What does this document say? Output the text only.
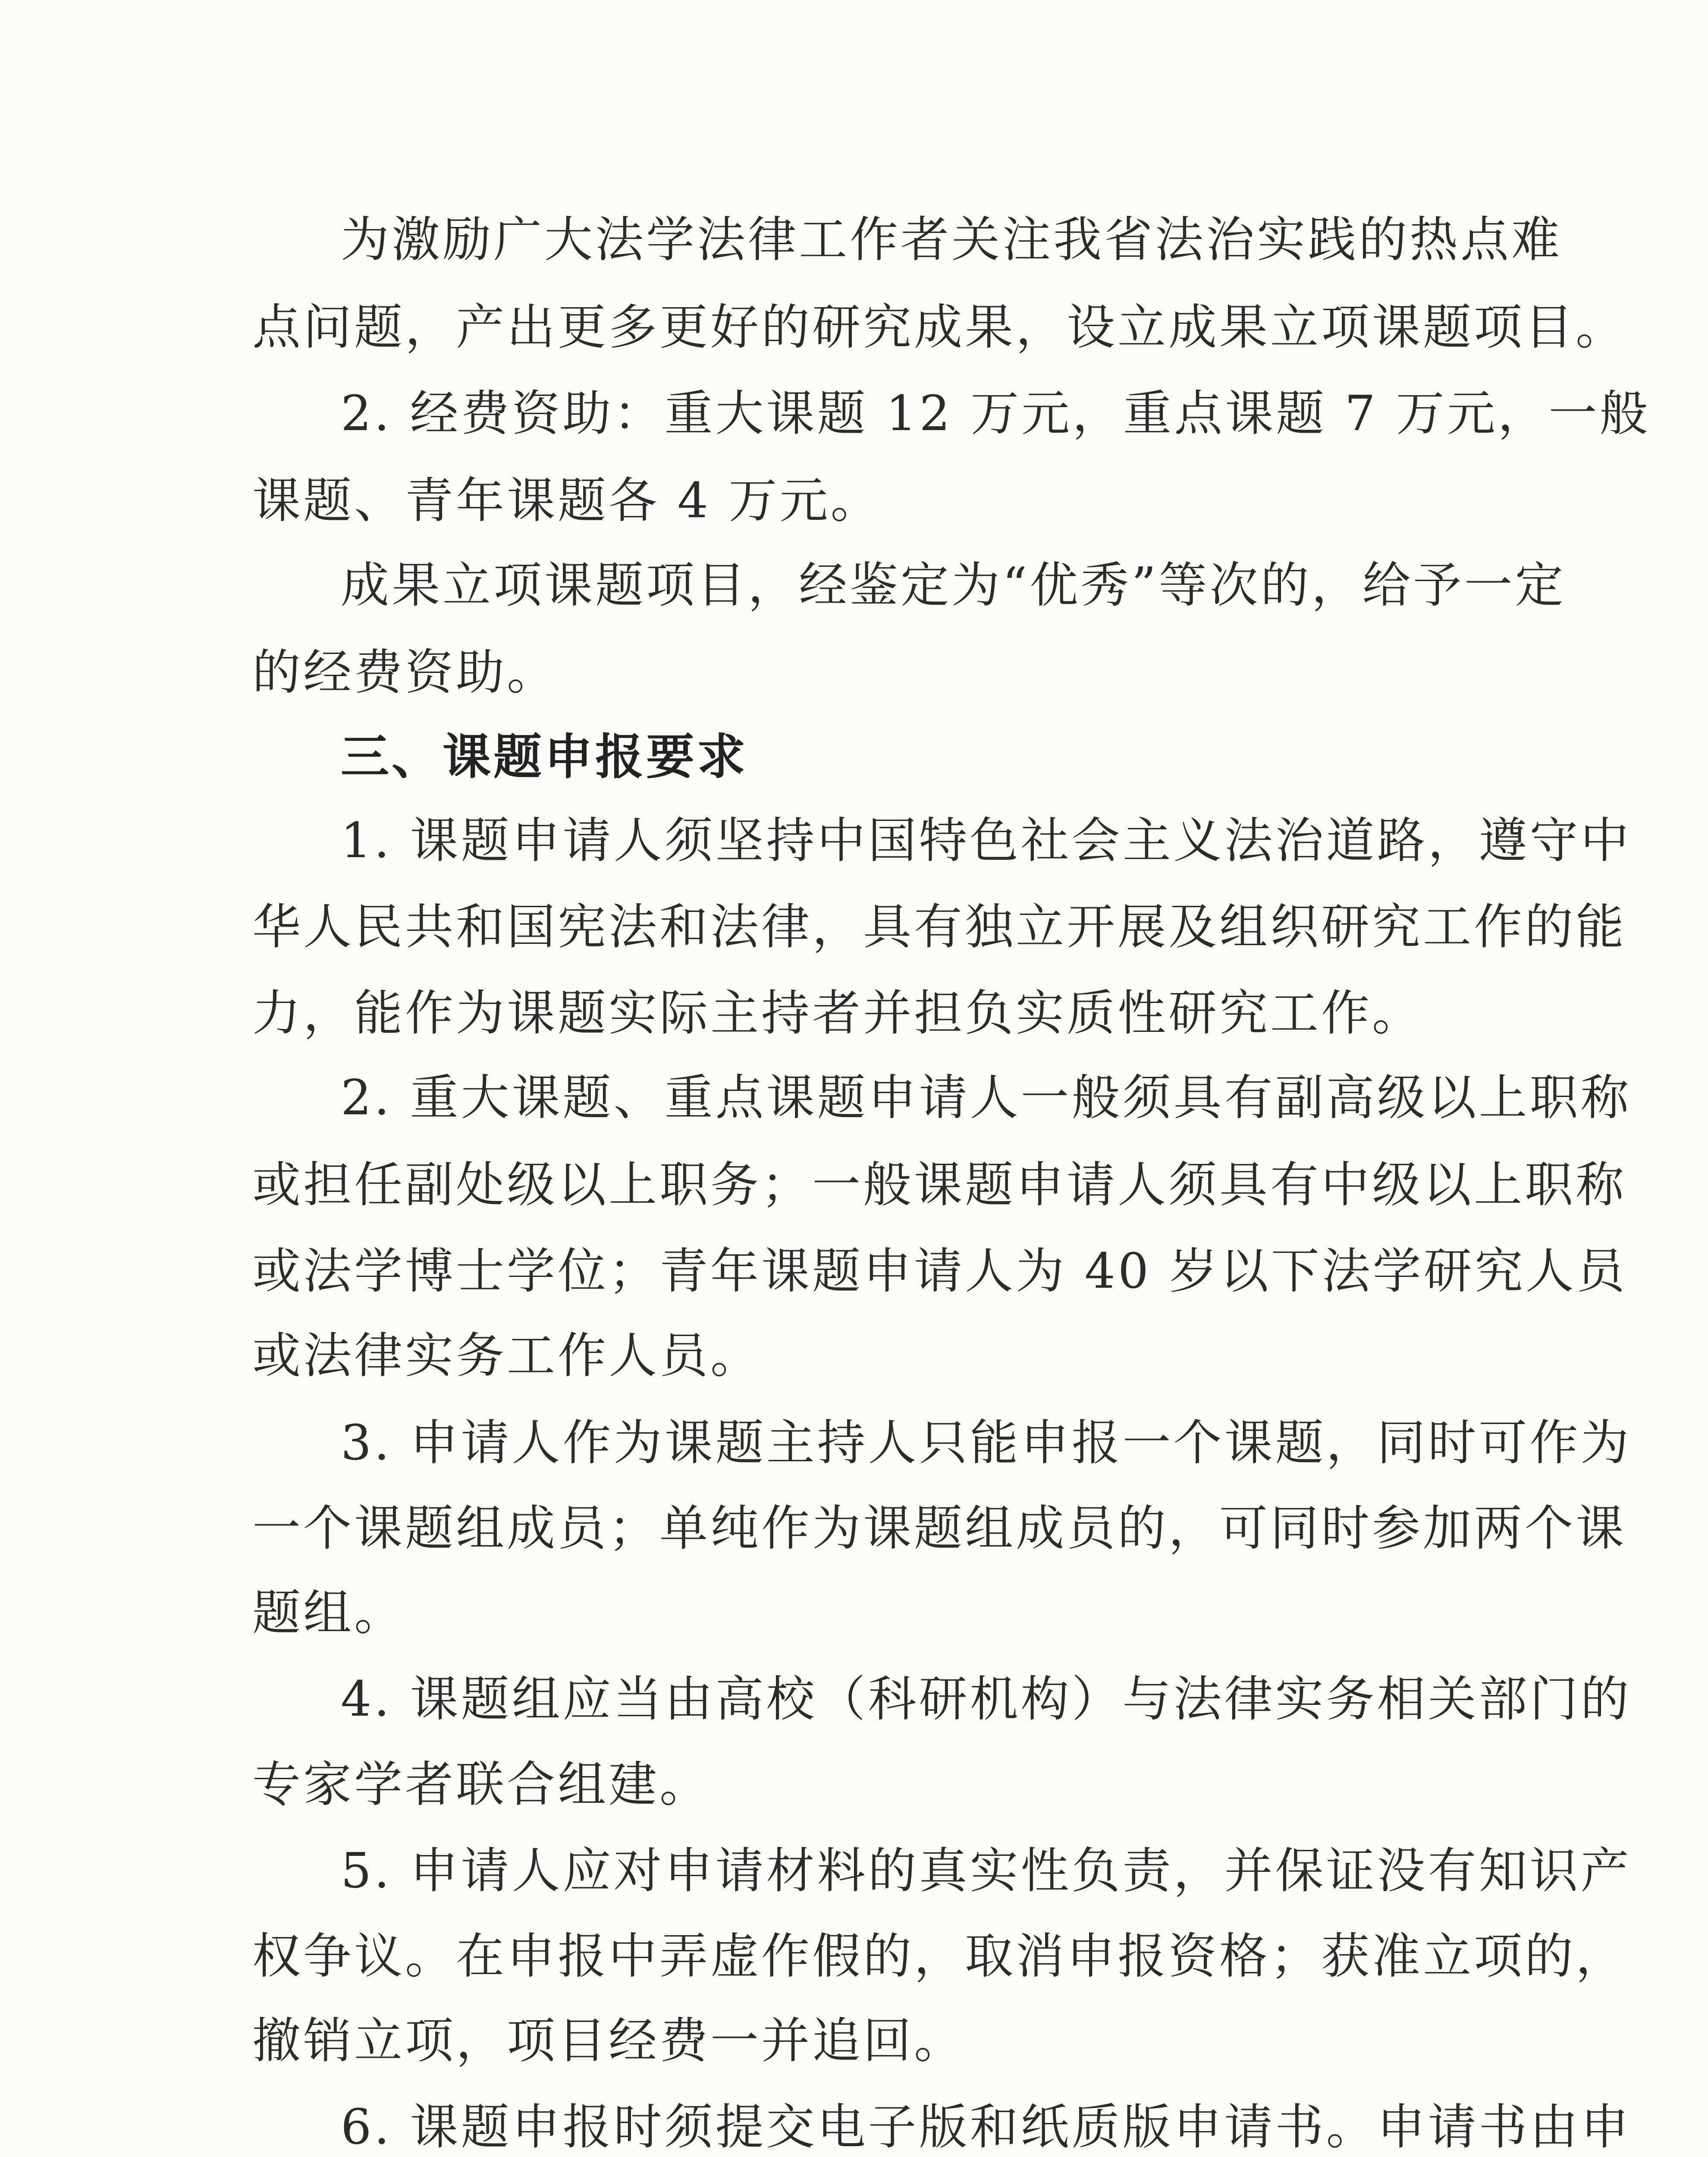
为激励广大法学法律工作者关注我省法治实践的热点难
点问题，产出更多更好的研究成果，设立成果立项课题项目。
2. 经费资助：重大课题 12 万元，重点课题 7 万元，一般
课题、青年课题各 4 万元。
成果立项课题项目，经鉴定为“优秀”等次的，给予一定
的经费资助。
三、课题申报要求
1. 课题申请人须坚持中国特色社会主义法治道路，遵守中
华人民共和国宪法和法律，具有独立开展及组织研究工作的能
力，能作为课题实际主持者并担负实质性研究工作。
2. 重大课题、重点课题申请人一般须具有副高级以上职称
或担任副处级以上职务；一般课题申请人须具有中级以上职称
或法学博士学位；青年课题申请人为 40 岁以下法学研究人员
或法律实务工作人员。
3. 申请人作为课题主持人只能申报一个课题，同时可作为
一个课题组成员；单纯作为课题组成员的，可同时参加两个课
题组。
4. 课题组应当由高校（科研机构）与法律实务相关部门的
专家学者联合组建。
5. 申请人应对申请材料的真实性负责，并保证没有知识产
权争议。在申报中弄虚作假的，取消申报资格；获准立项的，
撤销立项，项目经费一并追回。
6. 课题申报时须提交电子版和纸质版申请书。申请书由申
